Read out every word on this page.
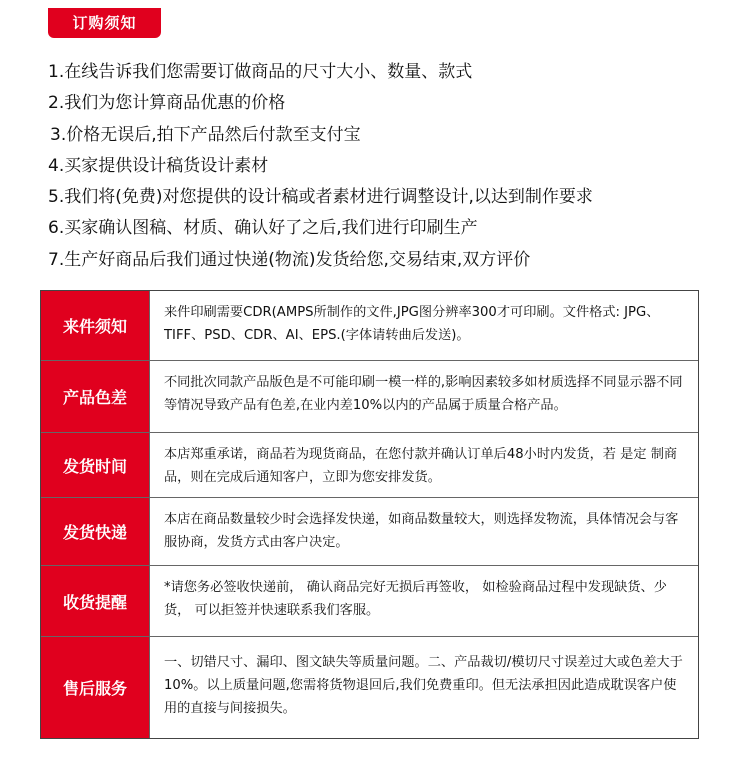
订购须知
1.在线告诉我们您需要订做商品的尺寸大小、数量、款式
2.我们为您计算商品优惠的价格
3.价格无误后,拍下产品然后付款至支付宝
4.买家提供设计稿货设计素材
5.我们将(免费)对您提供的设计稿或者素材进行调整设计,以达到制作要求
6.买家确认图稿、材质、确认好了之后,我们进行印刷生产
7.生产好商品后我们通过快递(物流)发货给您,交易结束,双方评价
来件须知
来件印刷需要CDR(AMPS所制作的文件,JPG图分辨率300才可印刷。文件格式: JPG、TIFF、PSD、CDR、AI、EPS.(字体请转曲后发送)。
产品色差
不同批次同款产品版色是不可能印刷一模一样的,影响因素较多如材质选择不同显示器不同等情况导致产品有色差,在业内差10%以内的产品属于质量合格产品。
发货时间
本店郑重承诺，商品若为现货商品，在您付款并确认订单后48小时内发货，若 是定 制商品，则在完成后通知客户，立即为您安排发货。
发货快递
本店在商品数量较少时会选择发快递，如商品数量较大，则选择发物流，具体情况会与客服协商，发货方式由客户决定。
收货提醒
*请您务必签收快递前， 确认商品完好无损后再签收， 如检验商品过程中发现缺货、少货， 可以拒签并快速联系我们客服。
售后服务
一、切错尺寸、漏印、图文缺失等质量问题。二、产品裁切/模切尺寸误差过大或色差大于10%。以上质量问题,您需将货物退回后,我们免费重印。但无法承担因此造成耽误客户使用的直接与间接损失。
